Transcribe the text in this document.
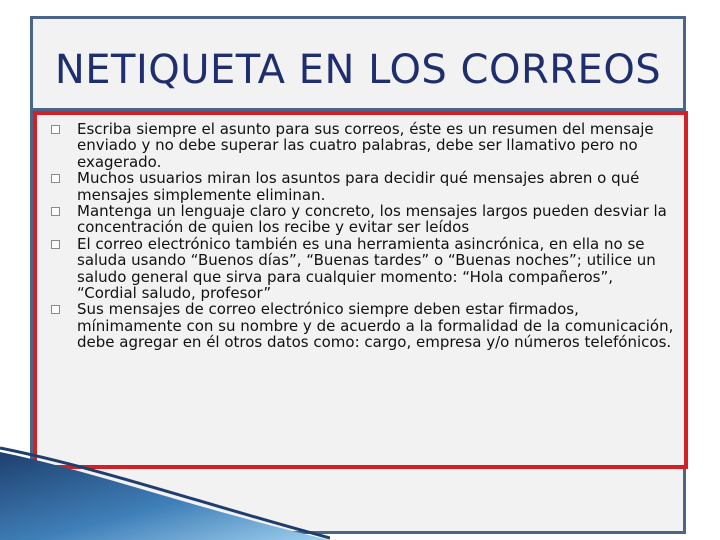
NETIQUETA EN LOS CORREOS
Escriba siempre el asunto para sus correos, éste es un resumen del mensaje enviado y no debe superar las cuatro palabras, debe ser llamativo pero no exagerado.
Muchos usuarios miran los asuntos para decidir qué mensajes abren o qué mensajes simplemente eliminan.
Mantenga un lenguaje claro y concreto, los mensajes largos pueden desviar la concentración de quien los recibe y evitar ser leídos
El correo electrónico también es una herramienta asincrónica, en ella no se saluda usando “Buenos días”, “Buenas tardes” o “Buenas noches”; utilice un saludo general que sirva para cualquier momento: “Hola compañeros”, “Cordial saludo, profesor”
Sus mensajes de correo electrónico siempre deben estar firmados, mínimamente con su nombre y de acuerdo a la formalidad de la comunicación, debe agregar en él otros datos como: cargo, empresa y/o números telefónicos.
